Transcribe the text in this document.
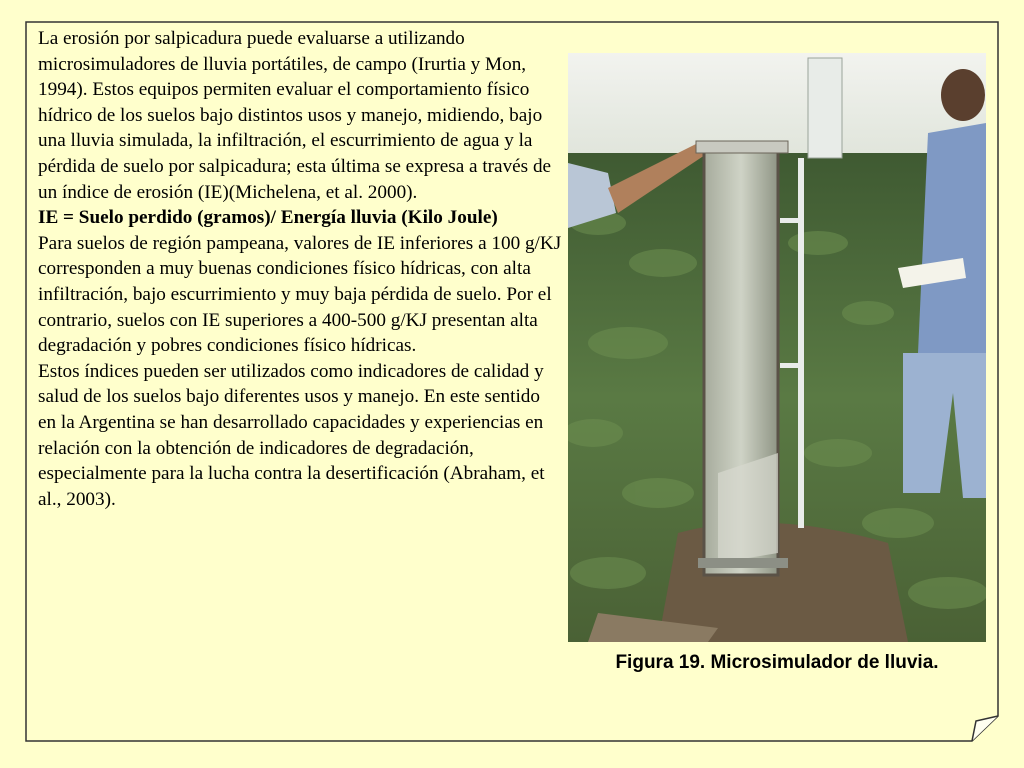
La erosión por salpicadura puede evaluarse a utilizando microsimuladores de lluvia portátiles, de campo (Irurtia y Mon, 1994). Estos equipos permiten evaluar el comportamiento físico hídrico de los suelos bajo distintos usos y manejo, midiendo, bajo una lluvia simulada, la infiltración, el escurrimiento de agua y la pérdida de suelo por salpicadura; esta última se expresa a través de un índice de erosión (IE)(Michelena, et al. 2000).

IE = Suelo perdido (gramos)/ Energía lluvia (Kilo Joule)

Para suelos de región pampeana, valores de IE inferiores a 100 g/KJ corresponden a muy buenas condiciones físico hídricas, con alta infiltración, bajo escurrimiento y muy baja pérdida de suelo. Por el contrario, suelos con IE superiores a 400-500 g/KJ presentan alta degradación y pobres condiciones físico hídricas.

Estos índices pueden ser utilizados como indicadores de calidad y salud de los suelos bajo diferentes usos y manejo. En este sentido en la Argentina se han desarrollado capacidades y experiencias en relación con la obtención de indicadores de degradación, especialmente para la lucha contra la desertificación (Abraham, et al., 2003).

Figura 19. Microsimulador de lluvia.
